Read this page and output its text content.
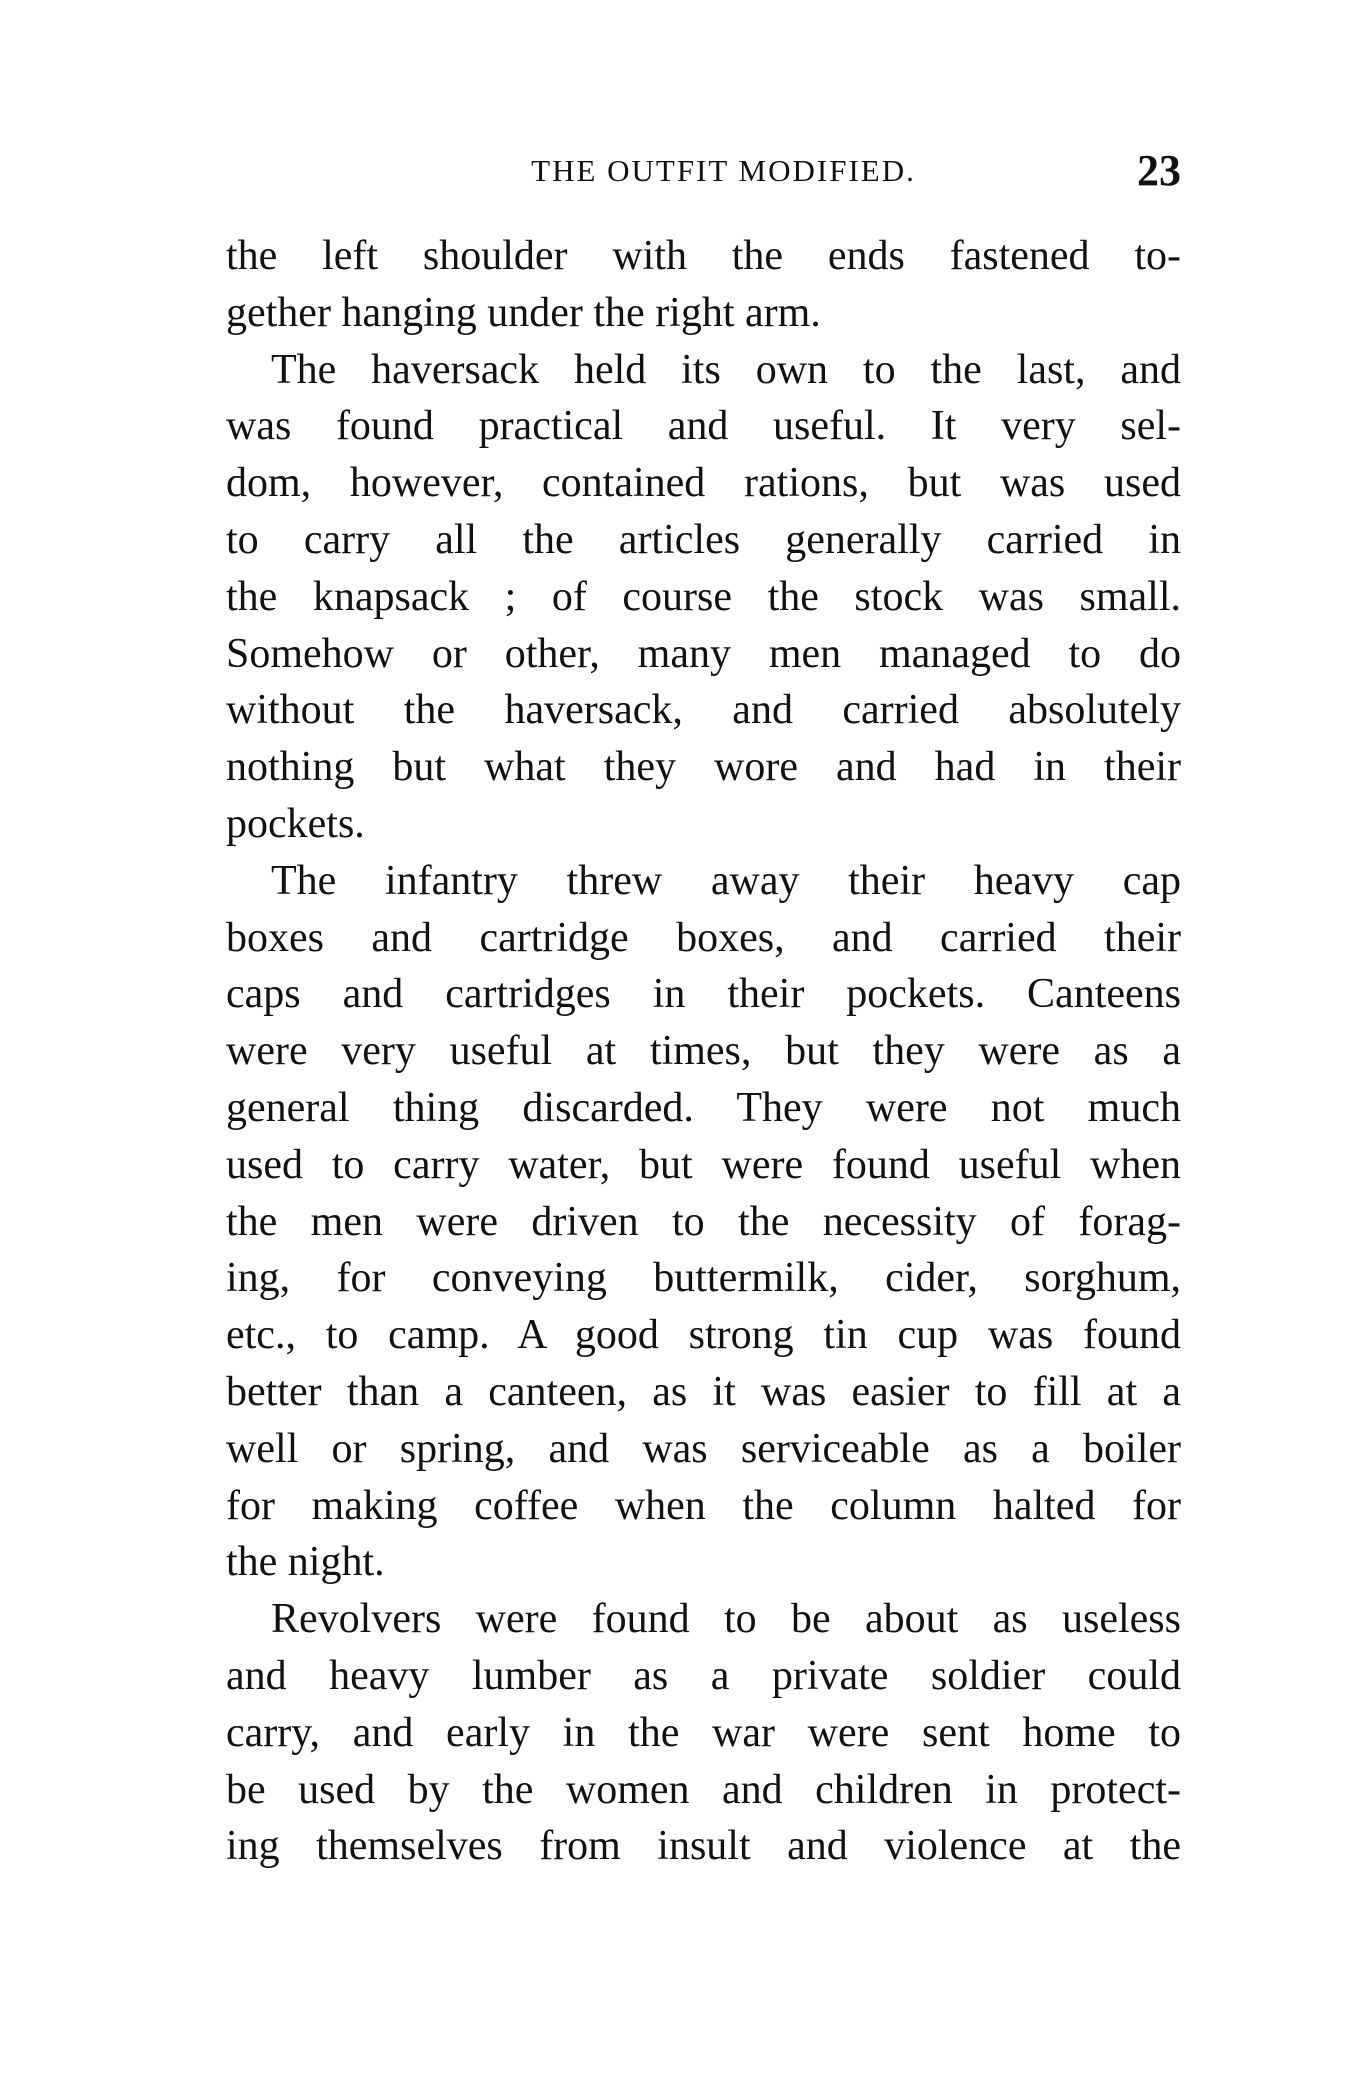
THE OUTFIT MODIFIED.	23
the left shoulder with the ends fastened to-
gether hanging under the right arm.
The haversack held its own to the last, and
was found practical and useful. It very sel-
dom, however, contained rations, but was used
to carry all the articles generally carried in
the knapsack ; of course the stock was small.
Somehow or other, many men managed to do
without the haversack, and carried absolutely
nothing but what they wore and had in their
pockets.
The infantry threw away their heavy cap
boxes and cartridge boxes, and carried their
caps and cartridges in their pockets. Canteens
were very useful at times, but they were as a
general thing discarded. They were not much
used to carry water, but were found useful when
the men were driven to the necessity of forag-
ing, for conveying buttermilk, cider, sorghum,
etc., to camp. A good strong tin cup was found
better than a canteen, as it was easier to fill at a
well or spring, and was serviceable as a boiler
for making coffee when the column halted for
the night.
Revolvers were found to be about as useless
and heavy lumber as a private soldier could
carry, and early in the war were sent home to
be used by the women and children in protect-
ing themselves from insult and violence at the
